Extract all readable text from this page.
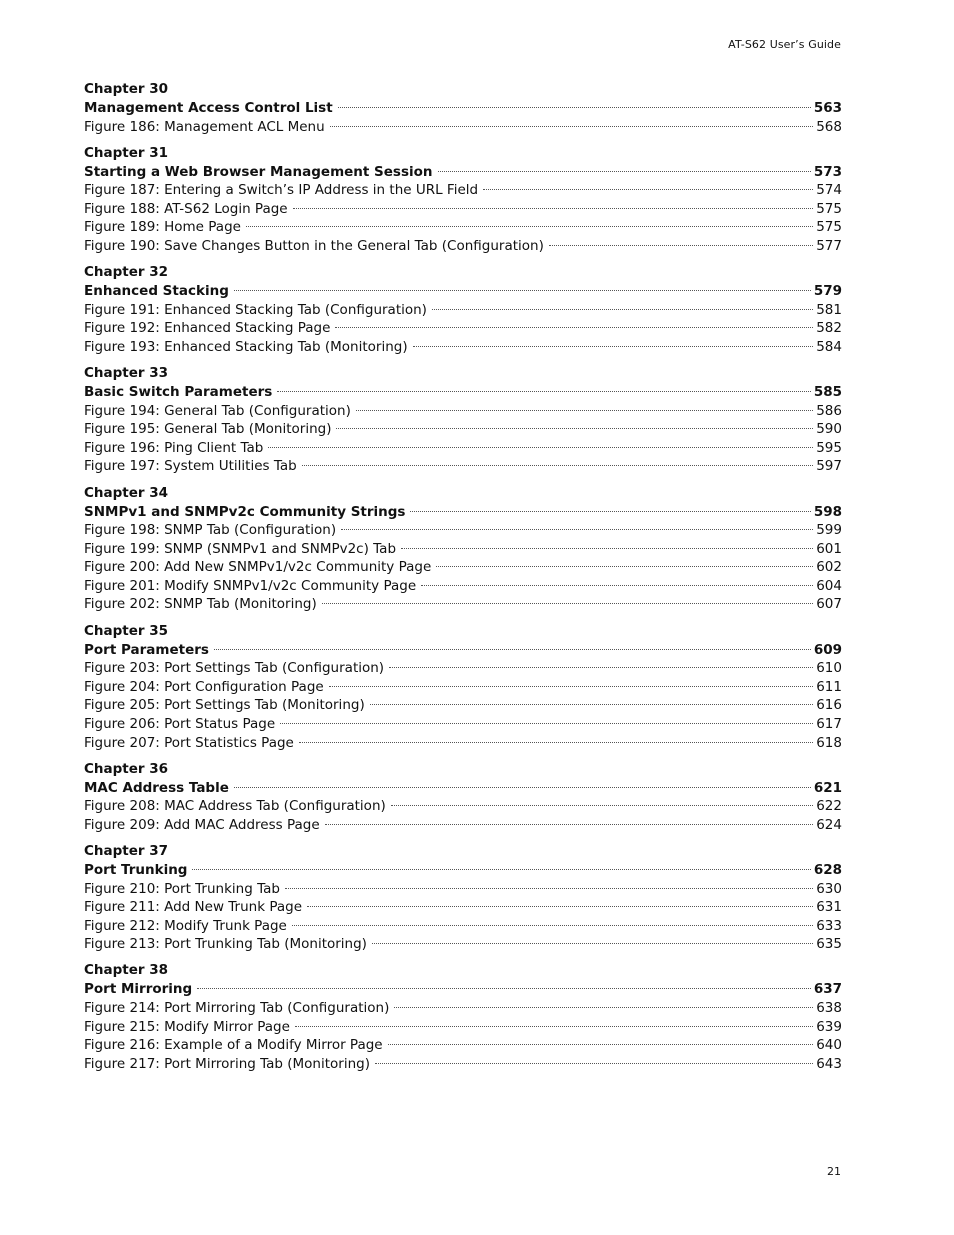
AT-S62 User’s Guide
Chapter 30
Management Access Control List	563
Figure 186: Management ACL Menu	568
Chapter 31
Starting a Web Browser Management Session	573
Figure 187: Entering a Switch’s IP Address in the URL Field	574
Figure 188: AT-S62 Login Page	575
Figure 189: Home Page	575
Figure 190: Save Changes Button in the General Tab (Configuration)	577
Chapter 32
Enhanced Stacking	579
Figure 191: Enhanced Stacking Tab (Configuration)	581
Figure 192: Enhanced Stacking Page	582
Figure 193: Enhanced Stacking Tab (Monitoring)	584
Chapter 33
Basic Switch Parameters	585
Figure 194: General Tab (Configuration)	586
Figure 195: General Tab (Monitoring)	590
Figure 196: Ping Client Tab	595
Figure 197: System Utilities Tab	597
Chapter 34
SNMPv1 and SNMPv2c Community Strings	598
Figure 198: SNMP Tab (Configuration)	599
Figure 199: SNMP (SNMPv1 and SNMPv2c) Tab	601
Figure 200: Add New SNMPv1/v2c Community Page	602
Figure 201: Modify SNMPv1/v2c Community Page	604
Figure 202: SNMP Tab (Monitoring)	607
Chapter 35
Port Parameters	609
Figure 203: Port Settings Tab (Configuration)	610
Figure 204: Port Configuration Page	611
Figure 205: Port Settings Tab (Monitoring)	616
Figure 206: Port Status Page	617
Figure 207: Port Statistics Page	618
Chapter 36
MAC Address Table	621
Figure 208: MAC Address Tab (Configuration)	622
Figure 209: Add MAC Address Page	624
Chapter 37
Port Trunking	628
Figure 210: Port Trunking Tab	630
Figure 211: Add New Trunk Page	631
Figure 212: Modify Trunk Page	633
Figure 213: Port Trunking Tab (Monitoring)	635
Chapter 38
Port Mirroring	637
Figure 214: Port Mirroring Tab (Configuration)	638
Figure 215: Modify Mirror Page	639
Figure 216: Example of a Modify Mirror Page	640
Figure 217: Port Mirroring Tab (Monitoring)	643
21
